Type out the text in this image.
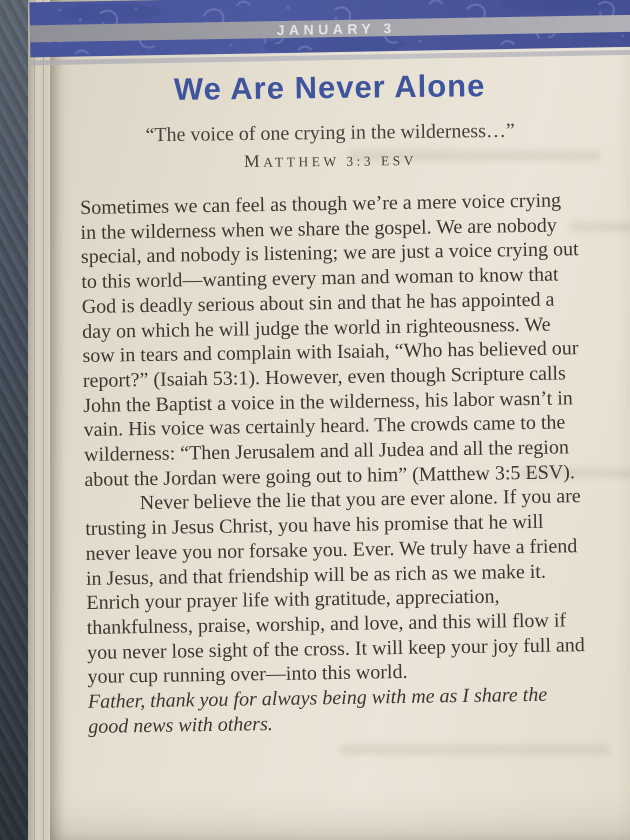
JANUARY 3
We Are Never Alone

“The voice of one crying in the wilderness…”

MATTHEW 3:3 ESV

Sometimes we can feel as though we’re a mere voice crying in the wilderness when we share the gospel. We are nobody special, and nobody is listening; we are just a voice crying out to this world—wanting every man and woman to know that God is deadly serious about sin and that he has appointed a day on which he will judge the world in righteousness. We sow in tears and complain with Isaiah, “Who has believed our report?” (Isaiah 53:1). However, even though Scripture calls John the Baptist a voice in the wilderness, his labor wasn’t in vain. His voice was certainly heard. The crowds came to the wilderness: “Then Jerusalem and all Judea and all the region about the Jordan were going out to him” (Matthew 3:5 ESV).

Never believe the lie that you are ever alone. If you are trusting in Jesus Christ, you have his promise that he will never leave you nor forsake you. Ever. We truly have a friend in Jesus, and that friendship will be as rich as we make it. Enrich your prayer life with gratitude, appreciation, thankfulness, praise, worship, and love, and this will flow if you never lose sight of the cross. It will keep your joy full and your cup running over—into this world.

Father, thank you for always being with me as I share the good news with others.
